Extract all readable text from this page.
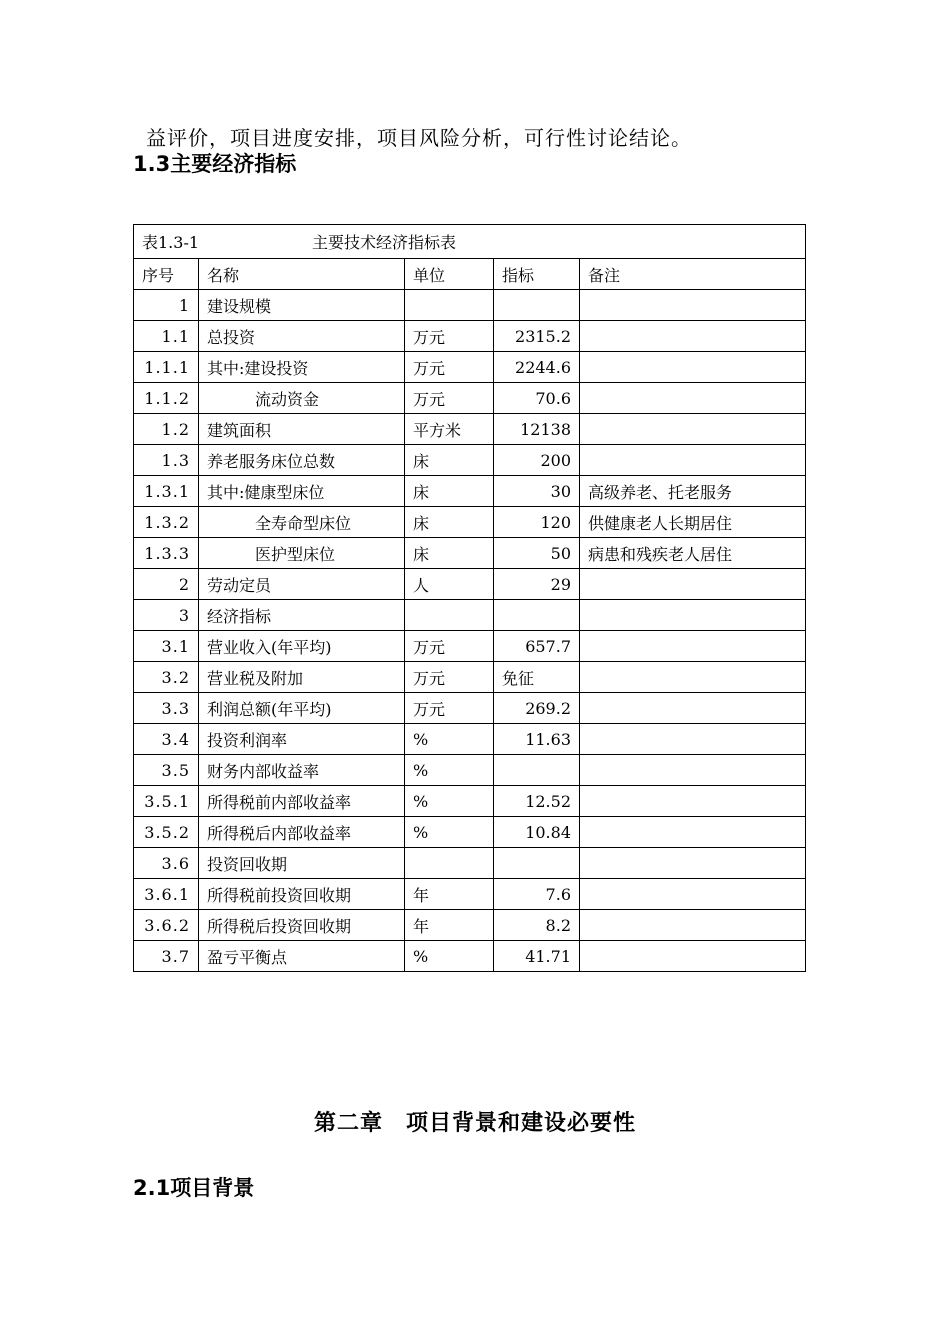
益评价，项目进度安排，项目风险分析，可行性讨论结论。
1.3主要经济指标
表1.3-1 主要技术经济指标表				
序号	名称	单位	指标	备注
1	建设规模			
1.1	总投资	万元	2315.2	
1.1.1	其中:建设投资	万元	2244.6	
1.1.2	流动资金	万元	70.6	
1.2	建筑面积	平方米	12138	
1.3	养老服务床位总数	床	200	
1.3.1	其中:健康型床位	床	30	高级养老、托老服务
1.3.2	全寿命型床位	床	120	供健康老人长期居住
1.3.3	医护型床位	床	50	病患和残疾老人居住
2	劳动定员	人	29	
3	经济指标			
3.1	营业收入(年平均)	万元	657.7	
3.2	营业税及附加	万元	免征	
3.3	利润总额(年平均)	万元	269.2	
3.4	投资利润率	%	11.63	
3.5	财务内部收益率	%		
3.5.1	所得税前内部收益率	%	12.52	
3.5.2	所得税后内部收益率	%	10.84	
3.6	投资回收期			
3.6.1	所得税前投资回收期	年	7.6	
3.6.2	所得税后投资回收期	年	8.2	
3.7	盈亏平衡点	%	41.71	
第二章　项目背景和建设必要性
2.1项目背景
